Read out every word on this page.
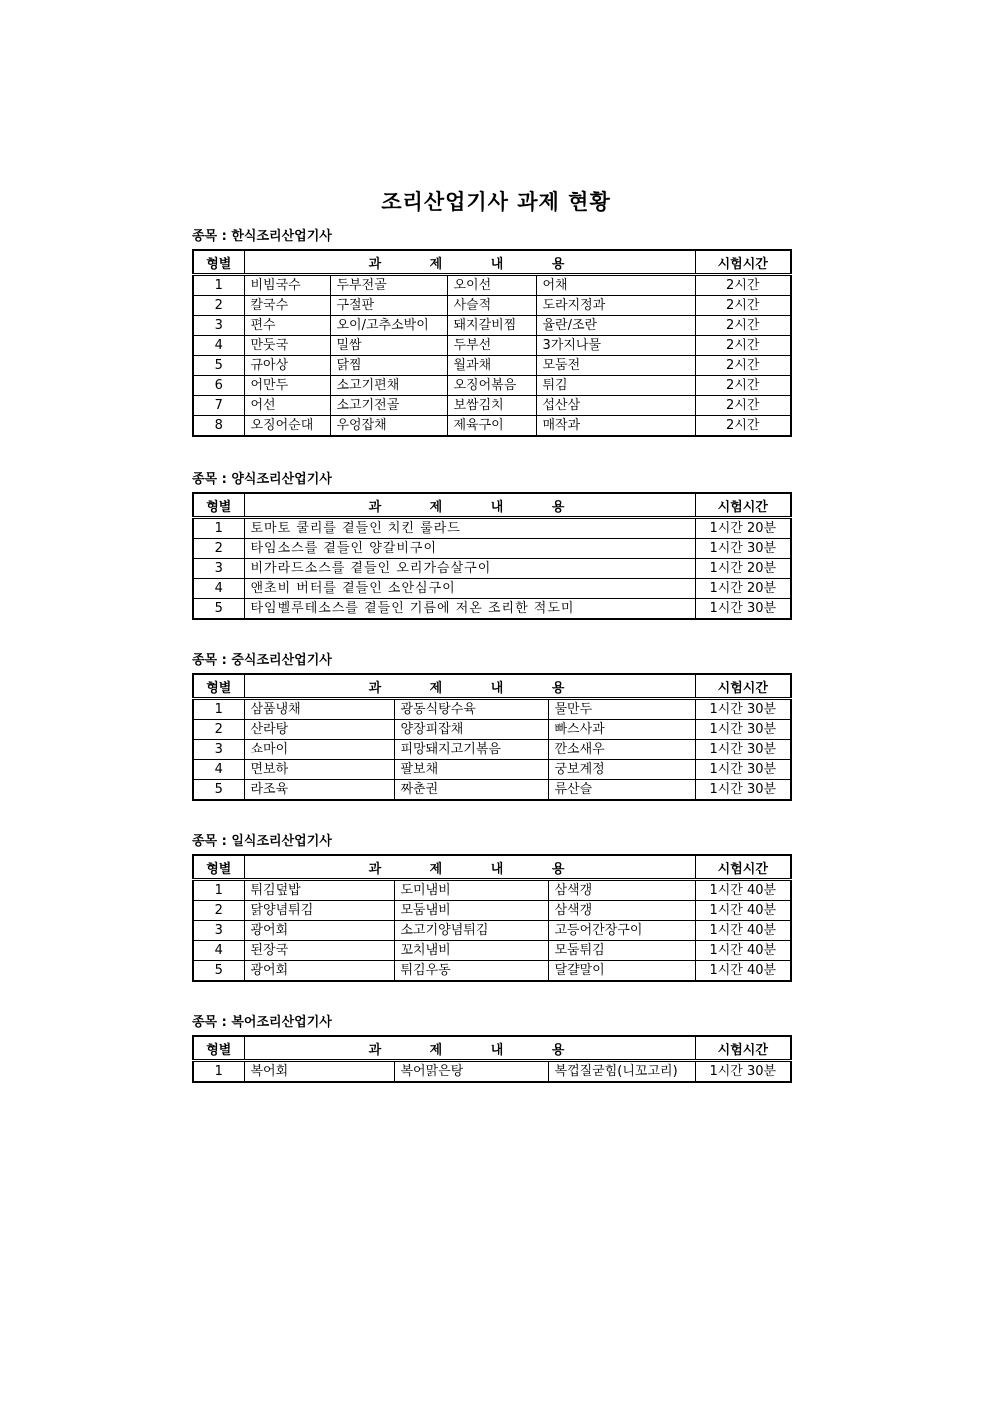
조리산업기사 과제 현황
종목 : 한식조리산업기사
형별	과 제 내 용				시험시간
1	비빔국수	두부전골	오이선	어채	2시간
2	칼국수	구절판	사슬적	도라지정과	2시간
3	편수	오이/고추소박이	돼지갈비찜	율란/조란	2시간
4	만둣국	밀쌈	두부선	3가지나물	2시간
5	규아상	닭찜	월과채	모둠전	2시간
6	어만두	소고기편채	오징어볶음	튀김	2시간
7	어선	소고기전골	보쌈김치	섭산삼	2시간
8	오징어순대	우엉잡채	제육구이	매작과	2시간
종목 : 양식조리산업기사
형별	과 제 내 용	시험시간
1	토마토 쿨리를 곁들인 치킨 룰라드	1시간 20분
2	타임소스를 곁들인 양갈비구이	1시간 30분
3	비가라드소스를 곁들인 오리가슴살구이	1시간 20분
4	앤초비 버터를 곁들인 소안심구이	1시간 20분
5	타임벨루테소스를 곁들인 기름에 저온 조리한 적도미	1시간 30분
종목 : 중식조리산업기사
형별	과 제 내 용			시험시간
1	삼품냉채	광동식탕수육	물만두	1시간 30분
2	산라탕	양장피잡채	빠스사과	1시간 30분
3	쇼마이	피망돼지고기볶음	깐소새우	1시간 30분
4	면보하	팔보채	궁보계정	1시간 30분
5	라조육	짜춘권	류산슬	1시간 30분
종목 : 일식조리산업기사
형별	과 제 내 용			시험시간
1	튀김덮밥	도미냄비	삼색갱	1시간 40분
2	닭양념튀김	모둠냄비	삼색갱	1시간 40분
3	광어회	소고기양념튀김	고등어간장구이	1시간 40분
4	된장국	꼬치냄비	모둠튀김	1시간 40분
5	광어회	튀김우동	달걀말이	1시간 40분
종목 : 복어조리산업기사
형별	과 제 내 용			시험시간
1	복어회	복어맑은탕	복껍질굳힘(니꼬고리)	1시간 30분
